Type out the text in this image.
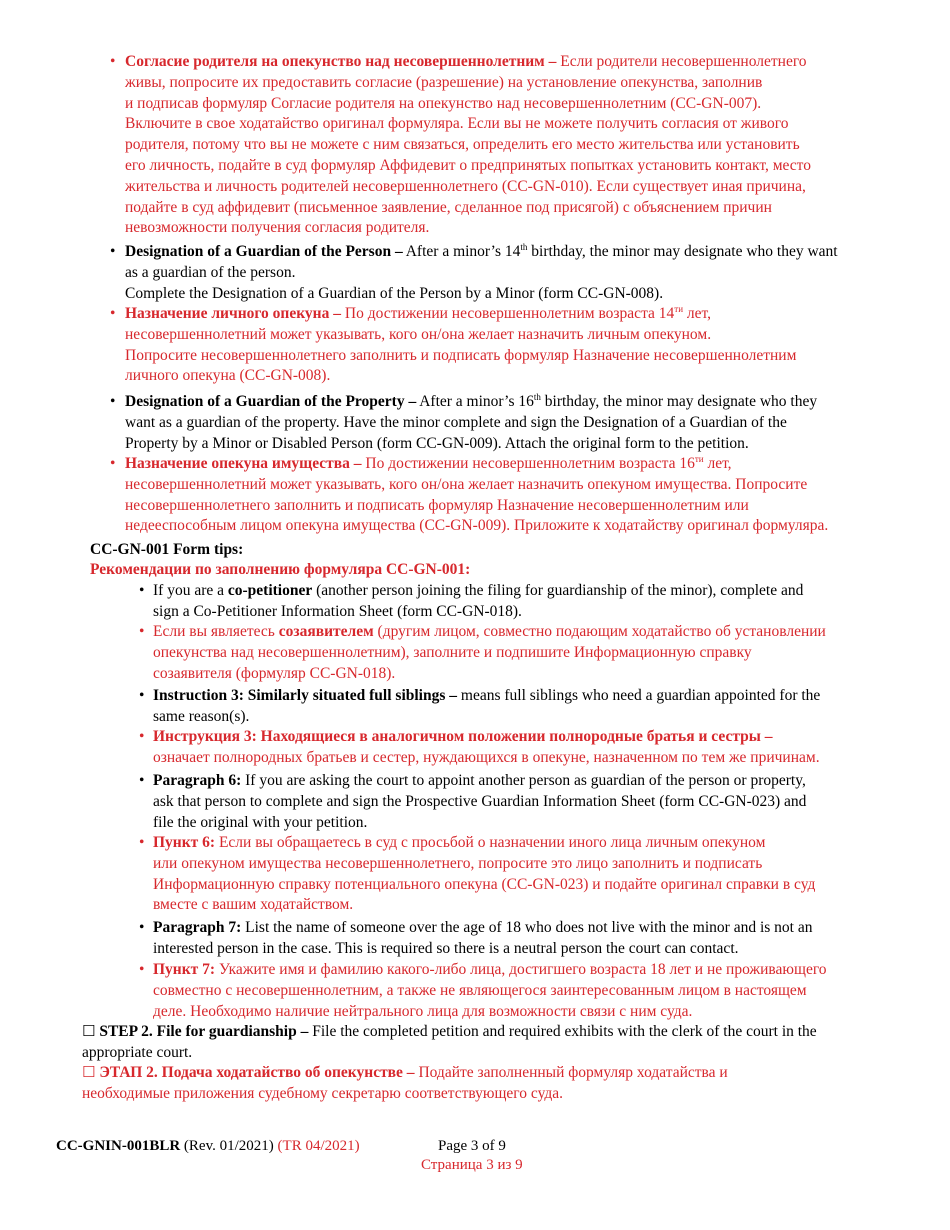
• Согласие родителя на опекунство над несовершеннолетним – Если родители несовершеннолетнего
живы, попросите их предоставить согласие (разрешение) на установление опекунства, заполнив
и подписав формуляр Согласие родителя на опекунство над несовершеннолетним (CC-GN-007).
Включите в свое ходатайство оригинал формуляра. Если вы не можете получить согласия от живого
родителя, потому что вы не можете с ним связаться, определить его место жительства или установить
его личность, подайте в суд формуляр Аффидевит о предпринятых попытках установить контакт, место
жительства и личность родителей несовершеннолетнего (CC-GN-010). Если существует иная причина,
подайте в суд аффидевит (письменное заявление, сделанное под присягой) с объяснением причин
невозможности получения согласия родителя.
• Designation of a Guardian of the Person – After a minor’s 14th birthday, the minor may designate who they want
as a guardian of the person.
Complete the Designation of a Guardian of the Person by a Minor (form CC-GN-008).
• Назначение личного опекуна – По достижении несовершеннолетним возраста $14^{ти}$ лет,
несовершеннолетний может указывать, кого он/она желает назначить личным опекуном.
Попросите несовершеннолетнего заполнить и подписать формуляр Назначение несовершеннолетним
личного опекуна (CC-GN-008).
• Designation of a Guardian of the Property – After a minor’s 16th birthday, the minor may designate who they
want as a guardian of the property. Have the minor complete and sign the Designation of a Guardian of the
Property by a Minor or Disabled Person (form CC-GN-009). Attach the original form to the petition.
• Назначение опекуна имущества – По достижении несовершеннолетним возраста $16^{ти}$ лет,
несовершеннолетний может указывать, кого он/она желает назначить опекуном имущества. Попросите
несовершеннолетнего заполнить и подписать формуляр Назначение несовершеннолетним или
недееспособным лицом опекуна имущества (CC-GN-009). Приложите к ходатайству оригинал формуляра.
CC-GN-001 Form tips:
Рекомендации по заполнению формуляра CC-GN-001:
• If you are a co-petitioner (another person joining the filing for guardianship of the minor), complete and
sign a Co-Petitioner Information Sheet (form CC-GN-018).
• Если вы являетесь созаявителем (другим лицом, совместно подающим ходатайство об установлении
опекунства над несовершеннолетним), заполните и подпишите Информационную справку
созаявителя (формуляр CC-GN-018).
• Instruction 3: Similarly situated full siblings – means full siblings who need a guardian appointed for the
same reason(s).
• Инструкция 3: Находящиеся в аналогичном положении полнородные братья и сестры –
означает полнородных братьев и сестер, нуждающихся в опекуне, назначенном по тем же причинам.
• Paragraph 6: If you are asking the court to appoint another person as guardian of the person or property,
ask that person to complete and sign the Prospective Guardian Information Sheet (form CC-GN-023) and
file the original with your petition.
• Пункт 6: Если вы обращаетесь в суд с просьбой о назначении иного лица личным опекуном
или опекуном имущества несовершеннолетнего, попросите это лицо заполнить и подписать
Информационную справку потенциального опекуна (CC-GN-023) и подайте оригинал справки в суд
вместе с вашим ходатайством.
• Paragraph 7: List the name of someone over the age of 18 who does not live with the minor and is not an
interested person in the case. This is required so there is a neutral person the court can contact.
• Пункт 7: Укажите имя и фамилию какого-либо лица, достигшего возраста 18 лет и не проживающего
совместно с несовершеннолетним, а также не являющегося заинтересованным лицом в настоящем
деле. Необходимо наличие нейтрального лица для возможности связи с ним суда.
☐ STEP 2. File for guardianship – File the completed petition and required exhibits with the clerk of the court in the
appropriate court.
☐ ЭТАП 2. Подача ходатайство об опекунстве – Подайте заполненный формуляр ходатайства и
необходимые приложения судебному секретарю соответствующего суда.
CC-GNIN-001BLR (Rev. 01/2021) (TR 04/2021)	Page 3 of 9
Страница 3 из 9
